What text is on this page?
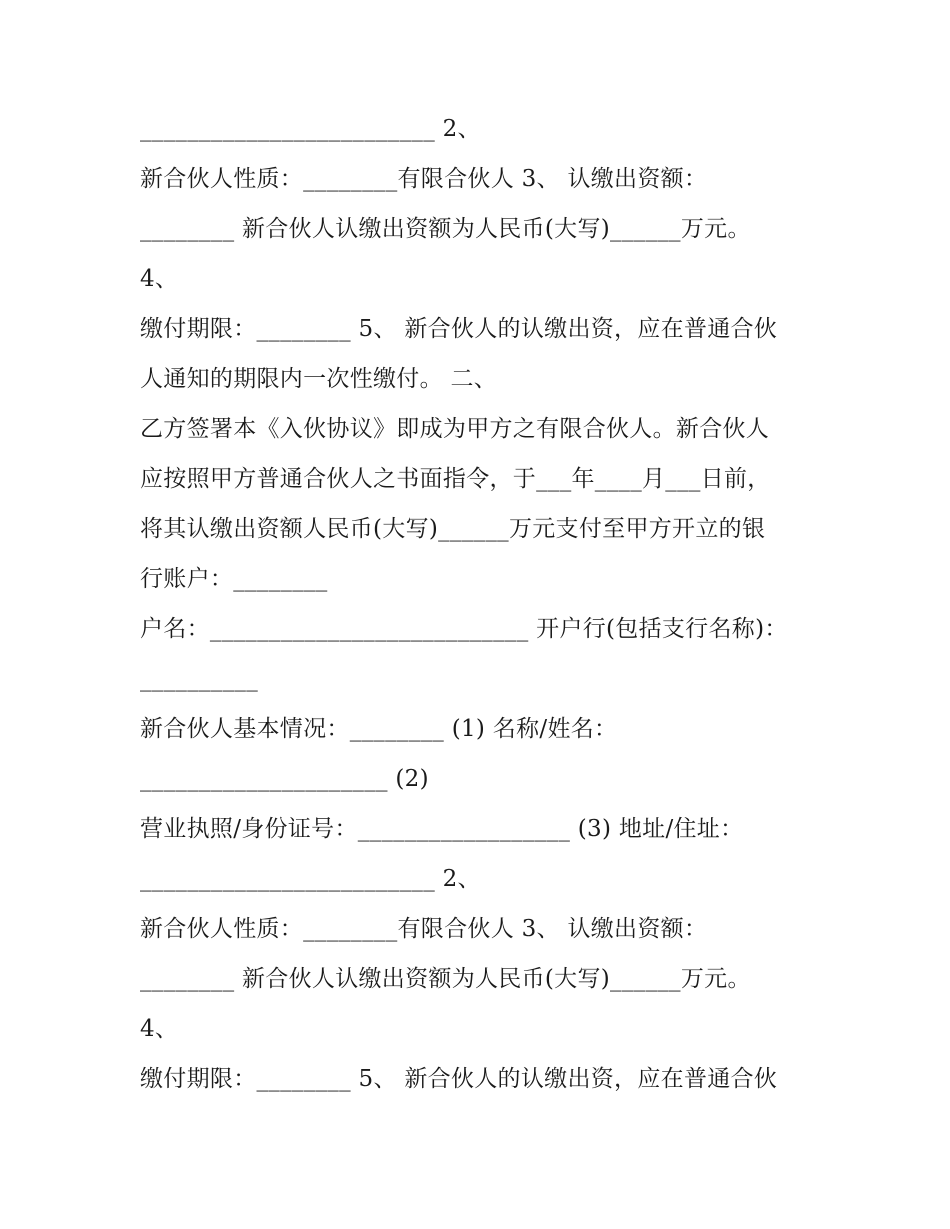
_________________________ 2、
新合伙人性质：________有限合伙人 3、 认缴出资额：
________ 新合伙人认缴出资额为人民币(大写)______万元。
4、
缴付期限：________ 5、 新合伙人的认缴出资，应在普通合伙
人通知的期限内一次性缴付。 二、
乙方签署本《入伙协议》即成为甲方之有限合伙人。新合伙人
应按照甲方普通合伙人之书面指令，于___年____月___日前，
将其认缴出资额人民币(大写)______万元支付至甲方开立的银
行账户：________
户名：___________________________ 开户行(包括支行名称)：
__________
新合伙人基本情况：________ (1) 名称/姓名：
_____________________ (2)
营业执照/身份证号：__________________ (3) 地址/住址：
_________________________ 2、
新合伙人性质：________有限合伙人 3、 认缴出资额：
________ 新合伙人认缴出资额为人民币(大写)______万元。
4、
缴付期限：________ 5、 新合伙人的认缴出资，应在普通合伙
